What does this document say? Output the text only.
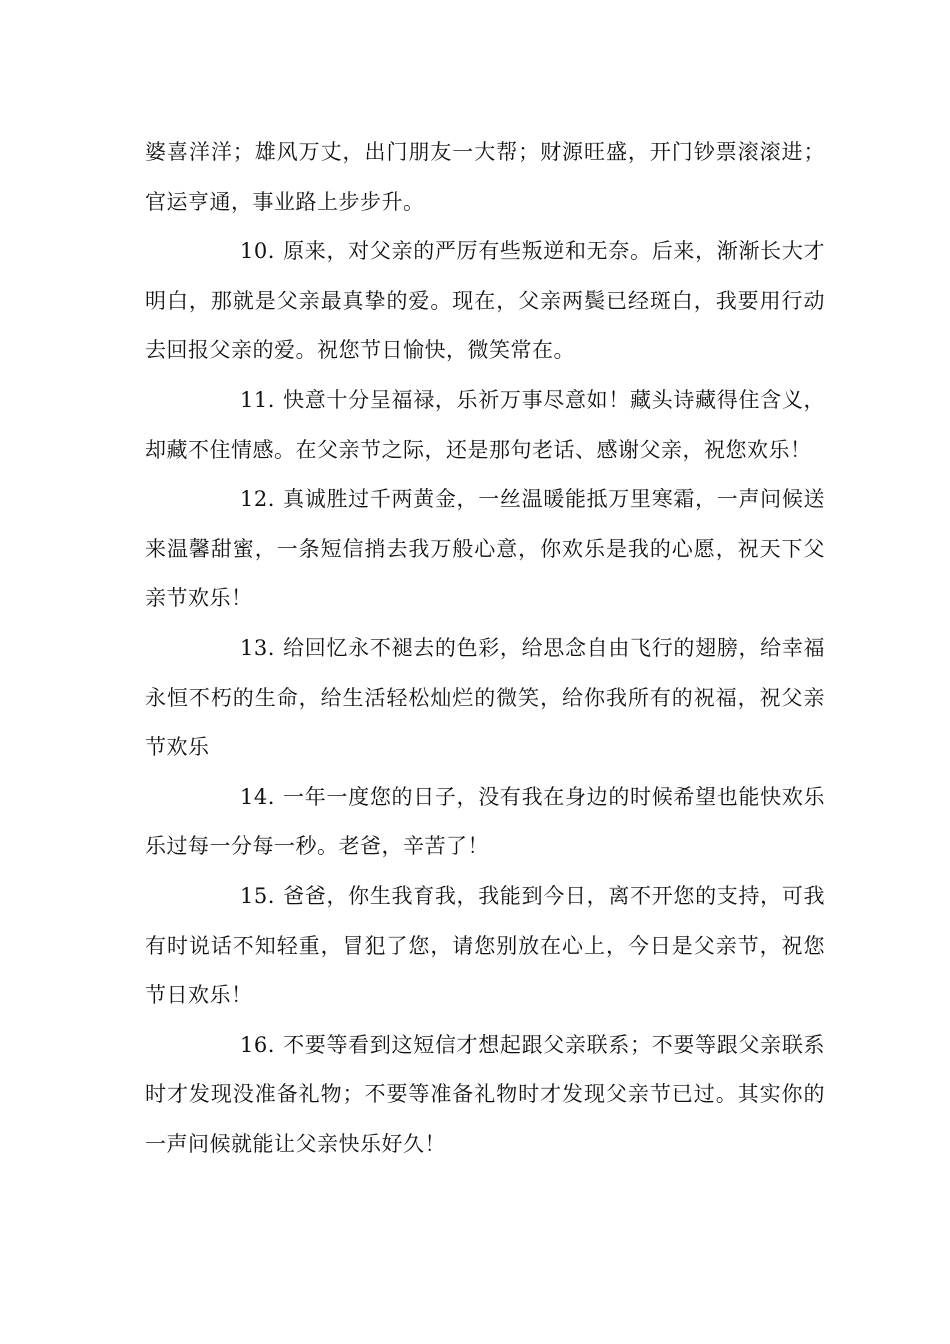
婆喜洋洋；雄风万丈，出门朋友一大帮；财源旺盛，开门钞票滚滚进；官运亨通，事业路上步步升。

10. 原来，对父亲的严厉有些叛逆和无奈。后来，渐渐长大才明白，那就是父亲最真挚的爱。现在，父亲两鬓已经斑白，我要用行动去回报父亲的爱。祝您节日愉快，微笑常在。

11. 快意十分呈福禄，乐祈万事尽意如！藏头诗藏得住含义，却藏不住情感。在父亲节之际，还是那句老话、感谢父亲，祝您欢乐！

12. 真诚胜过千两黄金，一丝温暖能抵万里寒霜，一声问候送来温馨甜蜜，一条短信捎去我万般心意，你欢乐是我的心愿，祝天下父亲节欢乐！

13. 给回忆永不褪去的色彩，给思念自由飞行的翅膀，给幸福永恒不朽的生命，给生活轻松灿烂的微笑，给你我所有的祝福，祝父亲节欢乐

14. 一年一度您的日子，没有我在身边的时候希望也能快欢乐乐过每一分每一秒。老爸，辛苦了！

15. 爸爸，你生我育我，我能到今日，离不开您的支持，可我有时说话不知轻重，冒犯了您，请您别放在心上，今日是父亲节，祝您节日欢乐！

16. 不要等看到这短信才想起跟父亲联系；不要等跟父亲联系时才发现没准备礼物；不要等准备礼物时才发现父亲节已过。其实你的一声问候就能让父亲快乐好久！
